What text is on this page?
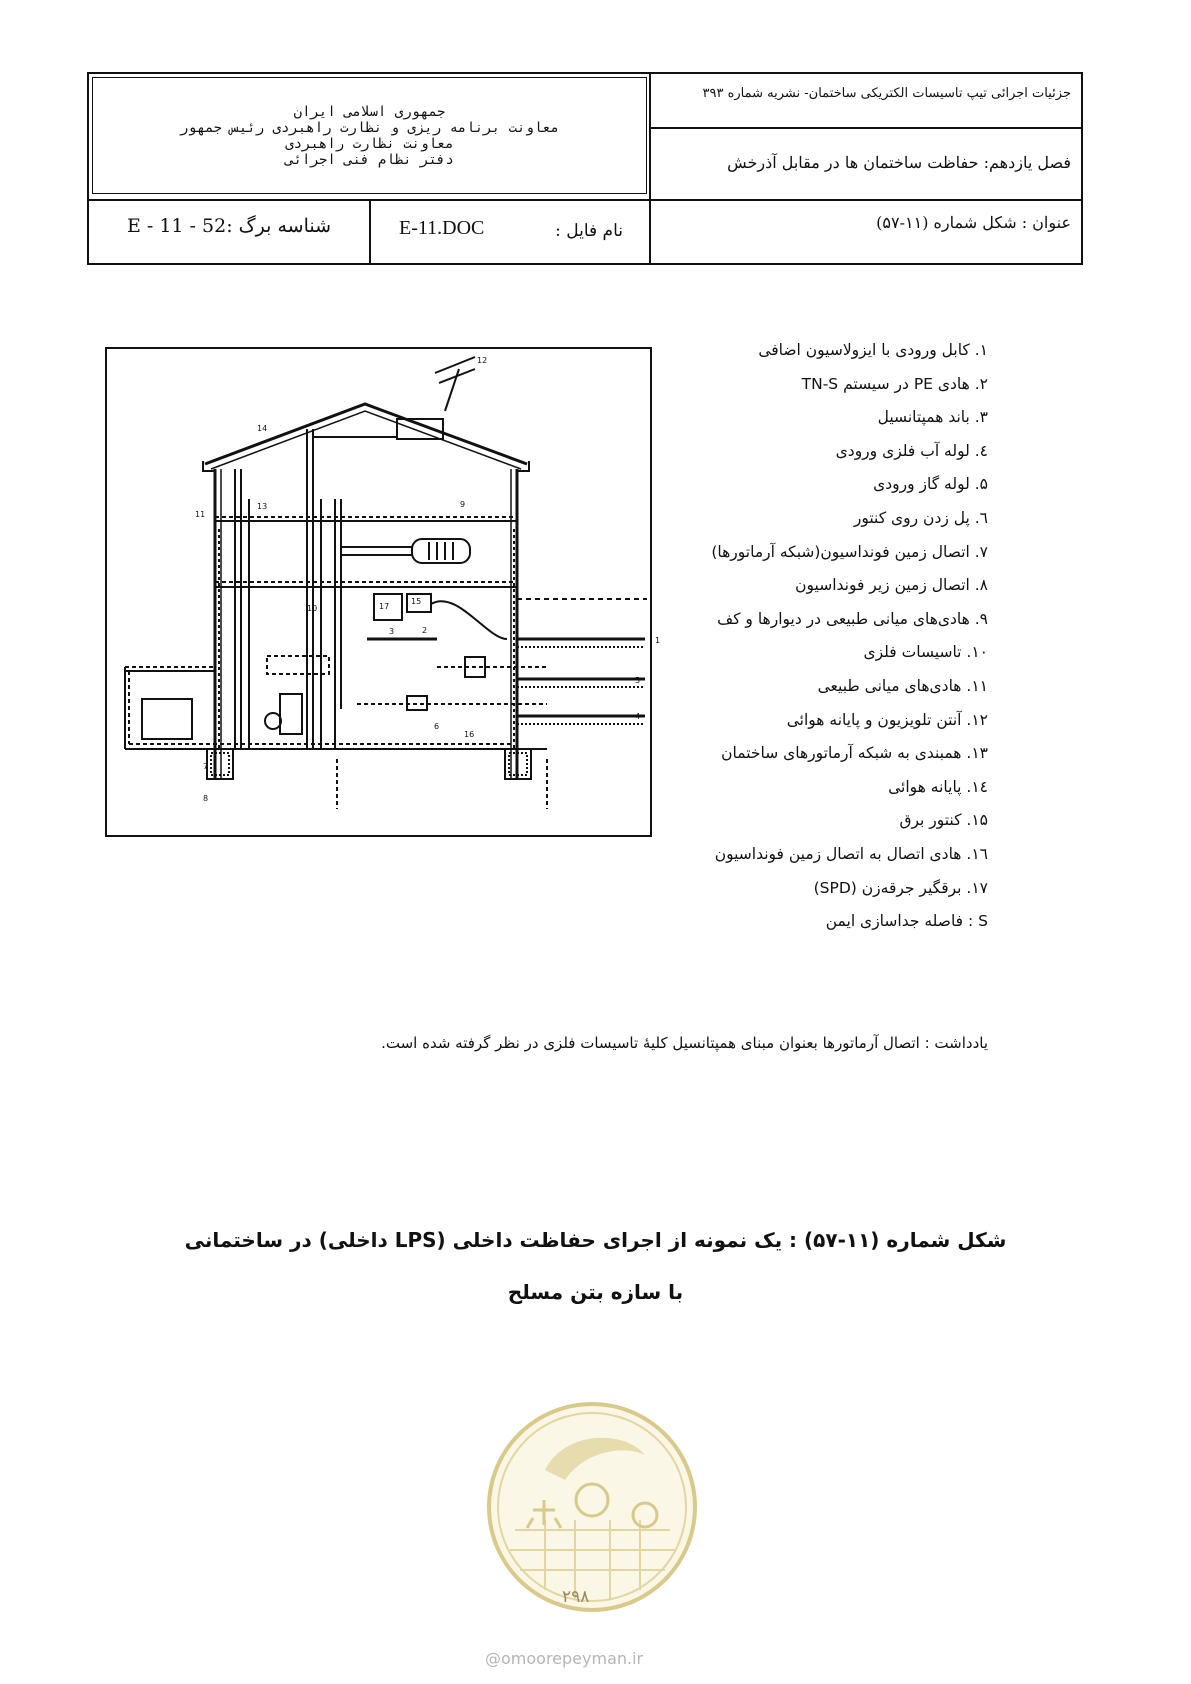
جزئيات اجرائی تیپ تاسیسات الکتریکی ساختمان- نشریه شماره ۳۹۳
فصل یازدهم: حفاظت ساختمان ها در مقابل آذرخش
عنوان : شکل شماره (۱۱-۵۷)
جمهوری اسلامی ایران
معاونت برنامه ریزی و نظارت راهبردی رئیس جمهور
معاونت نظارت راهبردی
دفتر نظام فنی اجرائی
نام فایل :
E-11.DOC
E - 11 - 52: شناسه برگ
1
2
3
4
5
6
7
8
9
10
11
12
13
14
15
16
17
۱. کابل ورودی با ایزولاسیون اضافی
۲. هادی PE در سیستم TN-S
۳. باند همپتانسیل
٤. لوله آب فلزی ورودی
۵. لوله گاز ورودی
٦. پل زدن روی کنتور
۷. اتصال زمین فونداسیون(شبکه آرماتورها)
۸. اتصال زمین زیر فونداسیون
۹. هادی‌های میانی طبیعی در دیوارها و کف
۱۰. تاسیسات فلزی
۱۱. هادی‌های میانی طبیعی
۱۲. آنتن تلویزیون و پایانه هوائی
۱۳. همبندی به شبکه آرماتورهای ساختمان
۱٤. پایانه هوائی
۱۵. کنتور برق
۱٦. هادی اتصال به اتصال زمین فونداسیون
۱۷. برقگیر جرقه‌زن (SPD)
S : فاصله جداسازی ایمن
یادداشت : اتصال آرماتورها بعنوان مبنای همپتانسیل کلیهٔ تاسیسات فلزی در نظر گرفته شده است.
شکل شماره (۱۱-۵۷) : یک نمونه از اجرای حفاظت داخلی (LPS داخلی) در ساختمانی
با سازه بتن مسلح
۲۹۸
@omoorepeyman.ir
